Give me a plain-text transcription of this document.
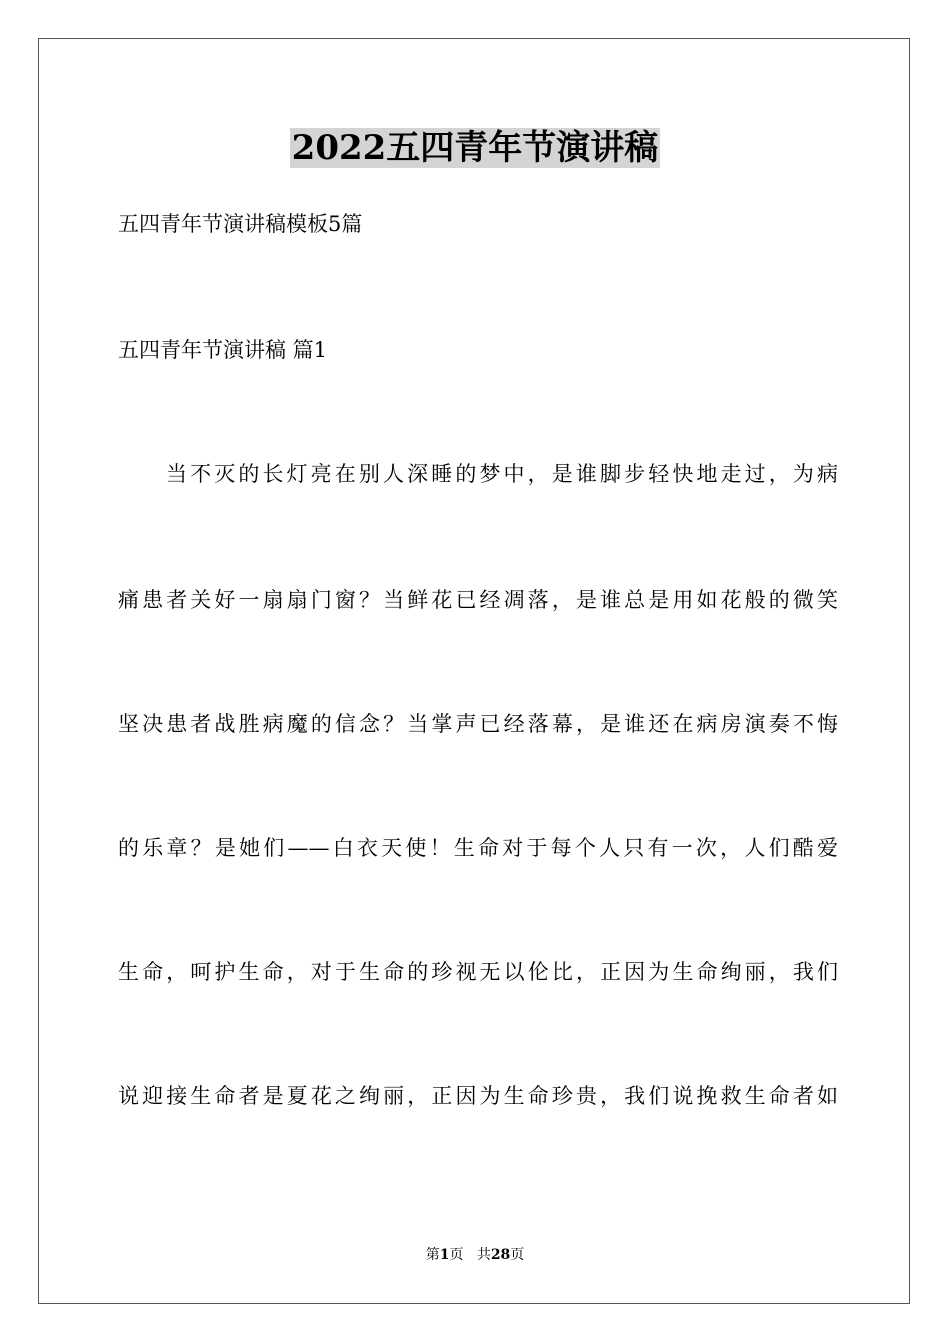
2022五四青年节演讲稿
五四青年节演讲稿模板5篇
五四青年节演讲稿 篇1
当不灭的长灯亮在别人深睡的梦中，是谁脚步轻快地走过，为病
痛患者关好一扇扇门窗？当鲜花已经凋落，是谁总是用如花般的微笑
坚决患者战胜病魔的信念？当掌声已经落幕，是谁还在病房演奏不悔
的乐章？是她们——白衣天使！生命对于每个人只有一次，人们酷爱
生命，呵护生命，对于生命的珍视无以伦比，正因为生命绚丽，我们
说迎接生命者是夏花之绚丽，正因为生命珍贵，我们说挽救生命者如
第1页 共28页
